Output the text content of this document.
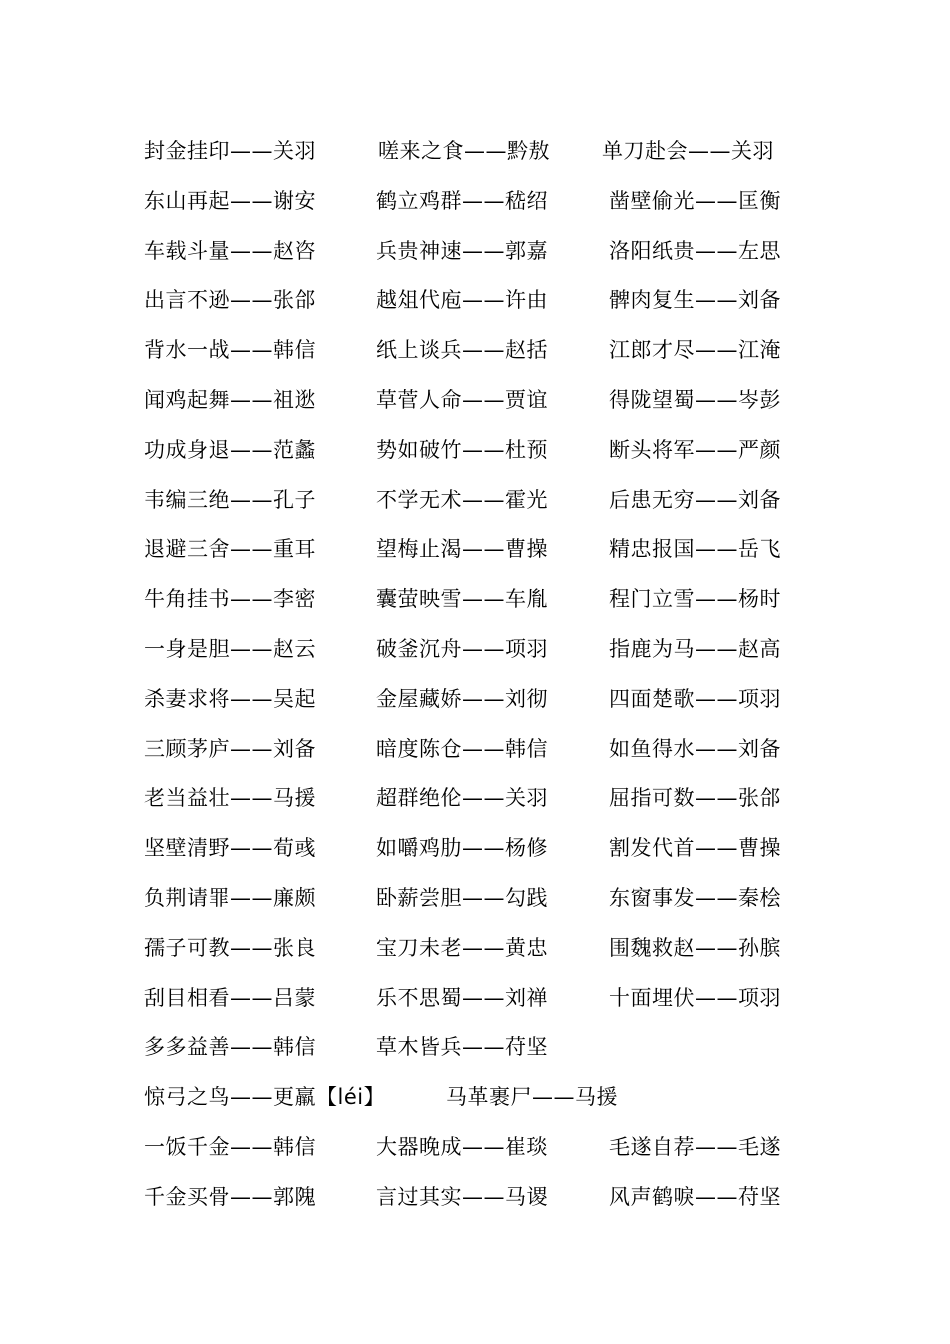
封金挂印——关羽	嗟来之食——黔敖 单刀赴会——关羽
东山再起——谢安	鹤立鸡群——嵇绍	凿壁偷光——匡衡
车载斗量——赵咨	兵贵神速——郭嘉	洛阳纸贵——左思
出言不逊——张郃	越俎代庖——许由	髀肉复生——刘备
背水一战——韩信	纸上谈兵——赵括	江郎才尽——江淹
闻鸡起舞——祖逖	草菅人命——贾谊	得陇望蜀——岑彭
功成身退——范蠡	势如破竹——杜预	断头将军——严颜
韦编三绝——孔子	不学无术——霍光	后患无穷——刘备
退避三舍——重耳	望梅止渴——曹操	精忠报国——岳飞
牛角挂书——李密	囊萤映雪——车胤	程门立雪——杨时
一身是胆——赵云	破釜沉舟——项羽	指鹿为马——赵高
杀妻求将——吴起	金屋藏娇——刘彻	四面楚歌——项羽
三顾茅庐——刘备	暗度陈仓——韩信	如鱼得水——刘备
老当益壮——马援	超群绝伦——关羽	屈指可数——张郃
坚壁清野——荀彧	如嚼鸡肋——杨修	割发代首——曹操
负荆请罪——廉颇	卧薪尝胆——勾践	东窗事发——秦桧
孺子可教——张良	宝刀未老——黄忠	围魏救赵——孙膑
刮目相看——吕蒙	乐不思蜀——刘禅	十面埋伏——项羽
多多益善——韩信	草木皆兵——苻坚
惊弓之鸟——更羸【léi】	马革裹尸——马援
一饭千金——韩信	大器晚成——崔琰	毛遂自荐——毛遂
千金买骨——郭隗	言过其实——马谡	风声鹤唳——苻坚
